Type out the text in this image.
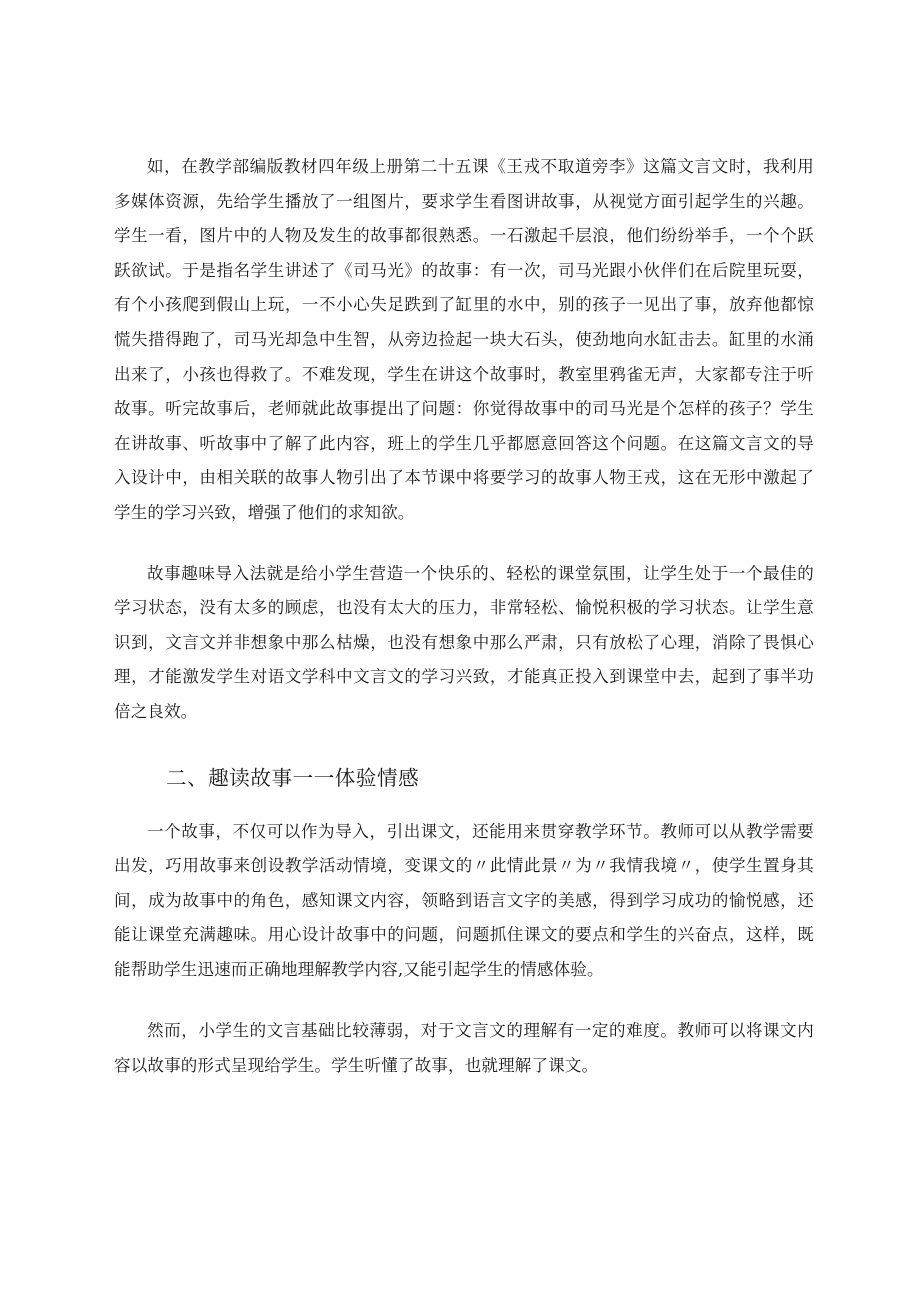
如，在教学部编版教材四年级上册第二十五课《王戎不取道旁李》这篇文言文时，我利用多媒体资源，先给学生播放了一组图片，要求学生看图讲故事，从视觉方面引起学生的兴趣。学生一看，图片中的人物及发生的故事都很熟悉。一石激起千层浪，他们纷纷举手，一个个跃跃欲试。于是指名学生讲述了《司马光》的故事：有一次，司马光跟小伙伴们在后院里玩耍，有个小孩爬到假山上玩，一不小心失足跌到了缸里的水中，别的孩子一见出了事，放弃他都惊慌失措得跑了，司马光却急中生智，从旁边捡起一块大石头，使劲地向水缸击去。缸里的水涌出来了，小孩也得救了。不难发现，学生在讲这个故事时，教室里鸦雀无声，大家都专注于听故事。听完故事后，老师就此故事提出了问题：你觉得故事中的司马光是个怎样的孩子？学生在讲故事、听故事中了解了此内容，班上的学生几乎都愿意回答这个问题。在这篇文言文的导入设计中，由相关联的故事人物引出了本节课中将要学习的故事人物王戎，这在无形中激起了学生的学习兴致，增强了他们的求知欲。

故事趣味导入法就是给小学生营造一个快乐的、轻松的课堂氛围，让学生处于一个最佳的学习状态，没有太多的顾虑，也没有太大的压力，非常轻松、愉悦积极的学习状态。让学生意识到，文言文并非想象中那么枯燥，也没有想象中那么严肃，只有放松了心理，消除了畏惧心理，才能激发学生对语文学科中文言文的学习兴致，才能真正投入到课堂中去，起到了事半功倍之良效。

二、趣读故事一一体验情感

一个故事，不仅可以作为导入，引出课文，还能用来贯穿教学环节。教师可以从教学需要出发，巧用故事来创设教学活动情境，变课文的〃此情此景〃为〃我情我境〃，使学生置身其间，成为故事中的角色，感知课文内容，领略到语言文字的美感，得到学习成功的愉悦感，还能让课堂充满趣味。用心设计故事中的问题，问题抓住课文的要点和学生的兴奋点，这样，既能帮助学生迅速而正确地理解教学内容,又能引起学生的情感体验。

然而，小学生的文言基础比较薄弱，对于文言文的理解有一定的难度。教师可以将课文内容以故事的形式呈现给学生。学生听懂了故事，也就理解了课文。
